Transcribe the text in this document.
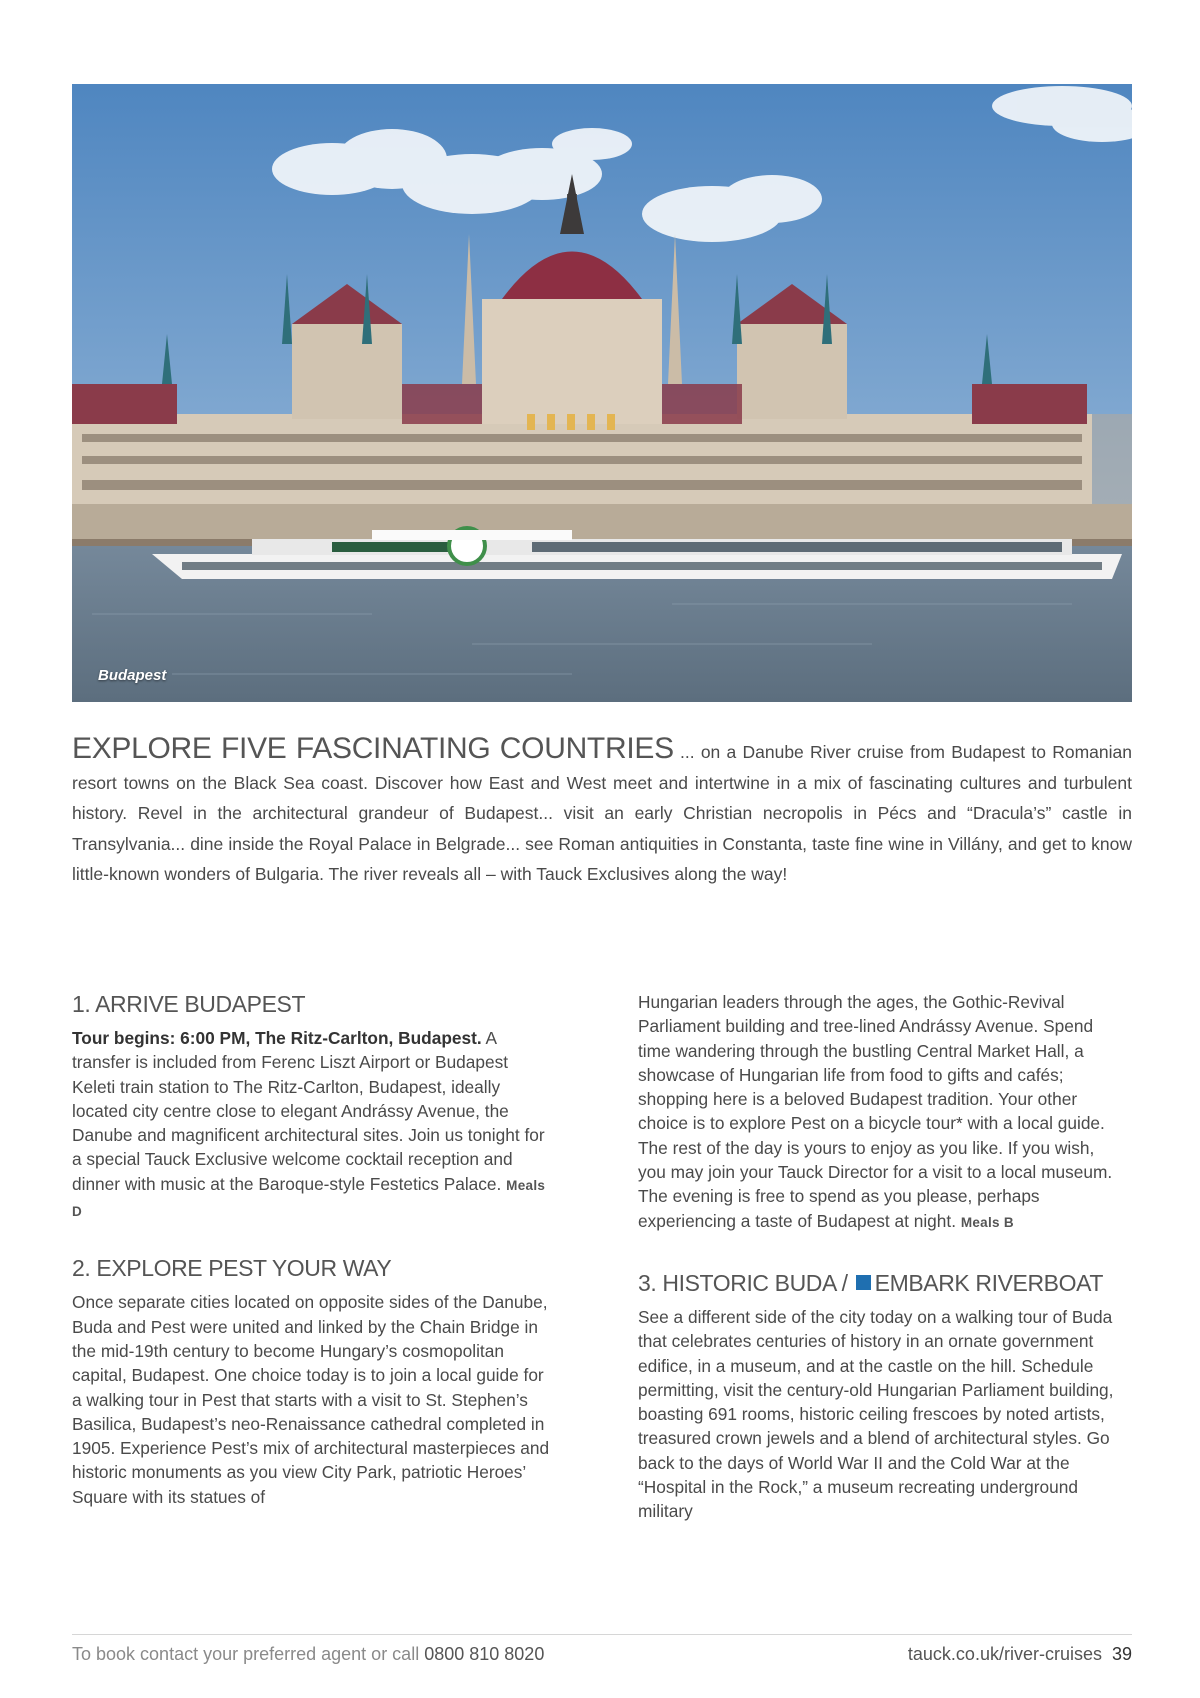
Budapest
EXPLORE FIVE FASCINATING COUNTRIES ... on a Danube River cruise from Budapest to Romanian resort towns on the Black Sea coast. Discover how East and West meet and intertwine in a mix of fascinating cultures and turbulent history. Revel in the architectural grandeur of Budapest... visit an early Christian necropolis in Pécs and “Dracula’s” castle in Transylvania... dine inside the Royal Palace in Belgrade... see Roman antiquities in Constanta, taste fine wine in Villány, and get to know little-known wonders of Bulgaria. The river reveals all – with Tauck Exclusives along the way!
1. ARRIVE BUDAPEST

Tour begins: 6:00 PM, The Ritz-Carlton, Budapest. A transfer is included from Ferenc Liszt Airport or Budapest Keleti train station to The Ritz-Carlton, Budapest, ideally located city centre close to elegant Andrássy Avenue, the Danube and magnificent architectural sites. Join us tonight for a special Tauck Exclusive welcome cocktail reception and dinner with music at the Baroque-style Festetics Palace. Meals D

2. EXPLORE PEST YOUR WAY

Once separate cities located on opposite sides of the Danube, Buda and Pest were united and linked by the Chain Bridge in the mid-19th century to become Hungary’s cosmopolitan capital, Budapest. One choice today is to join a local guide for a walking tour in Pest that starts with a visit to St. Stephen’s Basilica, Budapest’s neo-Renaissance cathedral completed in 1905. Experience Pest’s mix of architectural masterpieces and historic monuments as you view City Park, patriotic Heroes’ Square with its statues of

Hungarian leaders through the ages, the Gothic-Revival Parliament building and tree-lined Andrássy Avenue. Spend time wandering through the bustling Central Market Hall, a showcase of Hungarian life from food to gifts and cafés; shopping here is a beloved Budapest tradition. Your other choice is to explore Pest on a bicycle tour* with a local guide. The rest of the day is yours to enjoy as you like. If you wish, you may join your Tauck Director for a visit to a local museum. The evening is free to spend as you please, perhaps experiencing a taste of Budapest at night. Meals B

3. HISTORIC BUDA / EMBARK RIVERBOAT

See a different side of the city today on a walking tour of Buda that celebrates centuries of history in an ornate government edifice, in a museum, and at the castle on the hill. Schedule permitting, visit the century-old Hungarian Parliament building, boasting 691 rooms, historic ceiling frescoes by noted artists, treasured crown jewels and a blend of architectural styles. Go back to the days of World War II and the Cold War at the “Hospital in the Rock,” a museum recreating underground military

To book contact your preferred agent or call 0800 810 8020	tauck.co.uk/river-cruises 39
